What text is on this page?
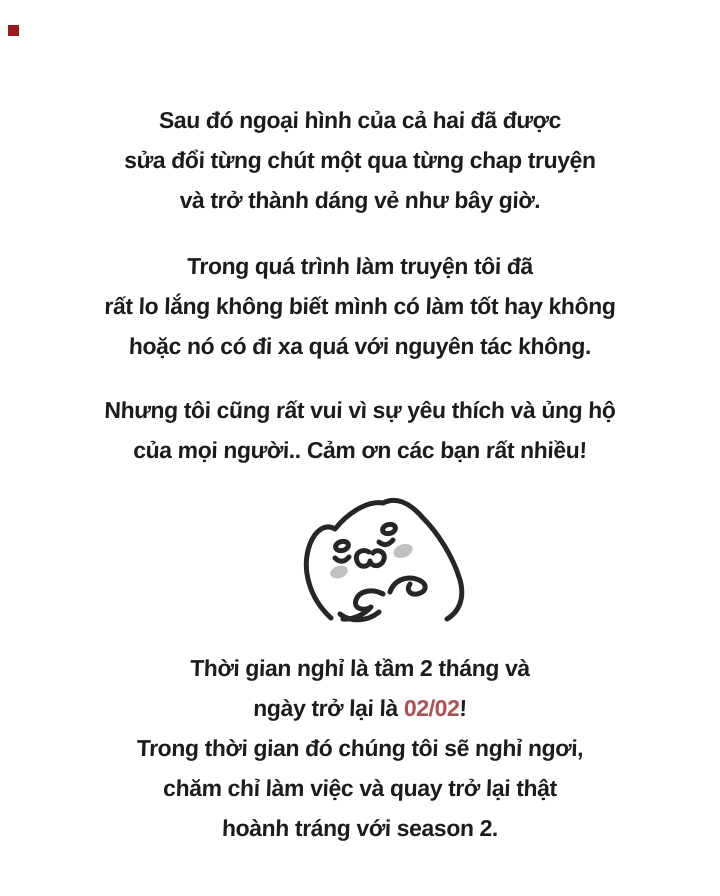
Sau đó ngoại hình của cả hai đã được
sửa đổi từng chút một qua từng chap truyện
và trở thành dáng vẻ như bây giờ.
Trong quá trình làm truyện tôi đã
rất lo lắng không biết mình có làm tốt hay không
hoặc nó có đi xa quá với nguyên tác không.
Nhưng tôi cũng rất vui vì sự yêu thích và ủng hộ
của mọi người.. Cảm ơn các bạn rất nhiều!
Thời gian nghỉ là tầm 2 tháng và
ngày trở lại là 02/02!
Trong thời gian đó chúng tôi sẽ nghỉ ngơi,
chăm chỉ làm việc và quay trở lại thật
hoành tráng với season 2.
